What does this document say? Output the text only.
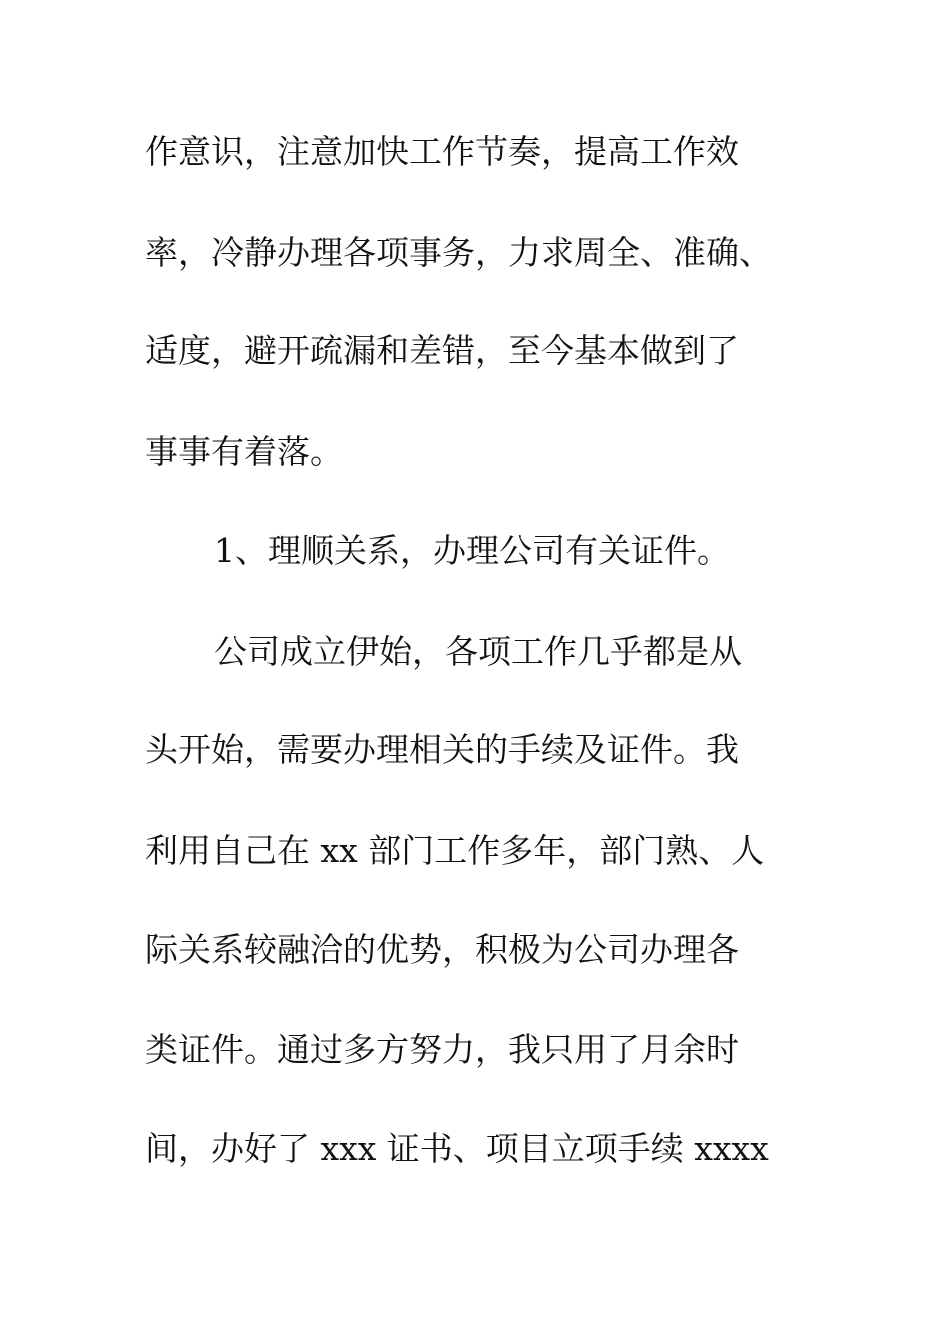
作意识，注意加快工作节奏，提高工作效
率，冷静办理各项事务，力求周全、准确、
适度，避开疏漏和差错，至今基本做到了
事事有着落。
1、理顺关系，办理公司有关证件。
公司成立伊始，各项工作几乎都是从
头开始，需要办理相关的手续及证件。我
利用自己在 xx 部门工作多年，部门熟、人
际关系较融洽的优势，积极为公司办理各
类证件。通过多方努力，我只用了月余时
间，办好了 xxx 证书、项目立项手续 xxxx
